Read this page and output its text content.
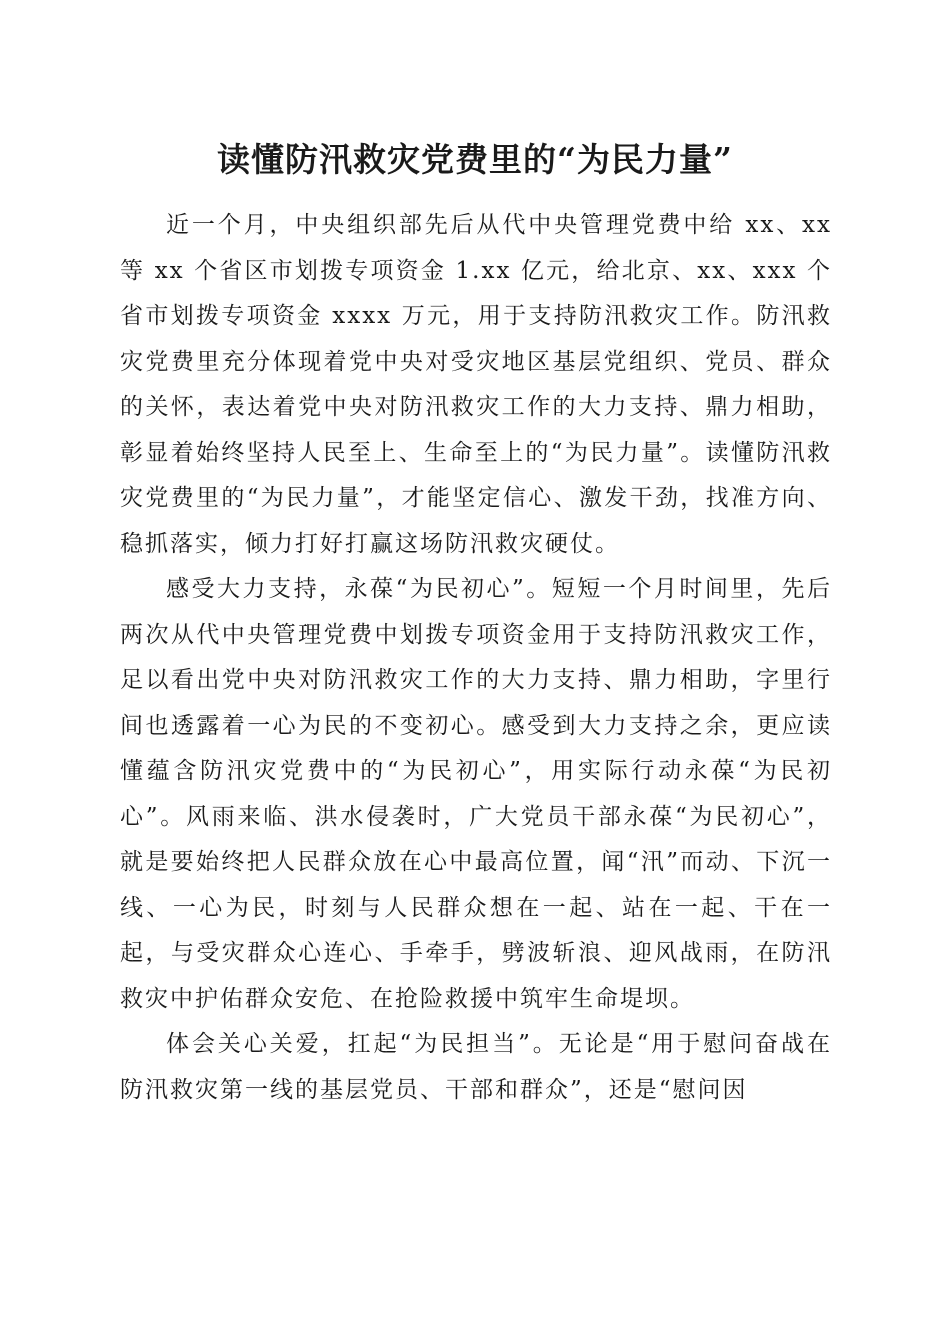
读懂防汛救灾党费里的“为民力量”

近一个月，中央组织部先后从代中央管理党费中给 xx、xx 等 xx 个省区市划拨专项资金 1.xx 亿元，给北京、xx、xxx 个省市划拨专项资金 xxxx 万元，用于支持防汛救灾工作。防汛救灾党费里充分体现着党中央对受灾地区基层党组织、党员、群众的关怀，表达着党中央对防汛救灾工作的大力支持、鼎力相助，彰显着始终坚持人民至上、生命至上的“为民力量”。读懂防汛救灾党费里的“为民力量”，才能坚定信心、激发干劲，找准方向、稳抓落实，倾力打好打赢这场防汛救灾硬仗。

感受大力支持，永葆“为民初心”。短短一个月时间里，先后两次从代中央管理党费中划拨专项资金用于支持防汛救灾工作，足以看出党中央对防汛救灾工作的大力支持、鼎力相助，字里行间也透露着一心为民的不变初心。感受到大力支持之余，更应读懂蕴含防汛灾党费中的“为民初心”，用实际行动永葆“为民初心”。风雨来临、洪水侵袭时，广大党员干部永葆“为民初心”，就是要始终把人民群众放在心中最高位置，闻“汛”而动、下沉一线、一心为民，时刻与人民群众想在一起、站在一起、干在一起，与受灾群众心连心、手牵手，劈波斩浪、迎风战雨，在防汛救灾中护佑群众安危、在抢险救援中筑牢生命堤坝。

体会关心关爱，扛起“为民担当”。无论是“用于慰问奋战在防汛救灾第一线的基层党员、干部和群众”，还是“慰问因
